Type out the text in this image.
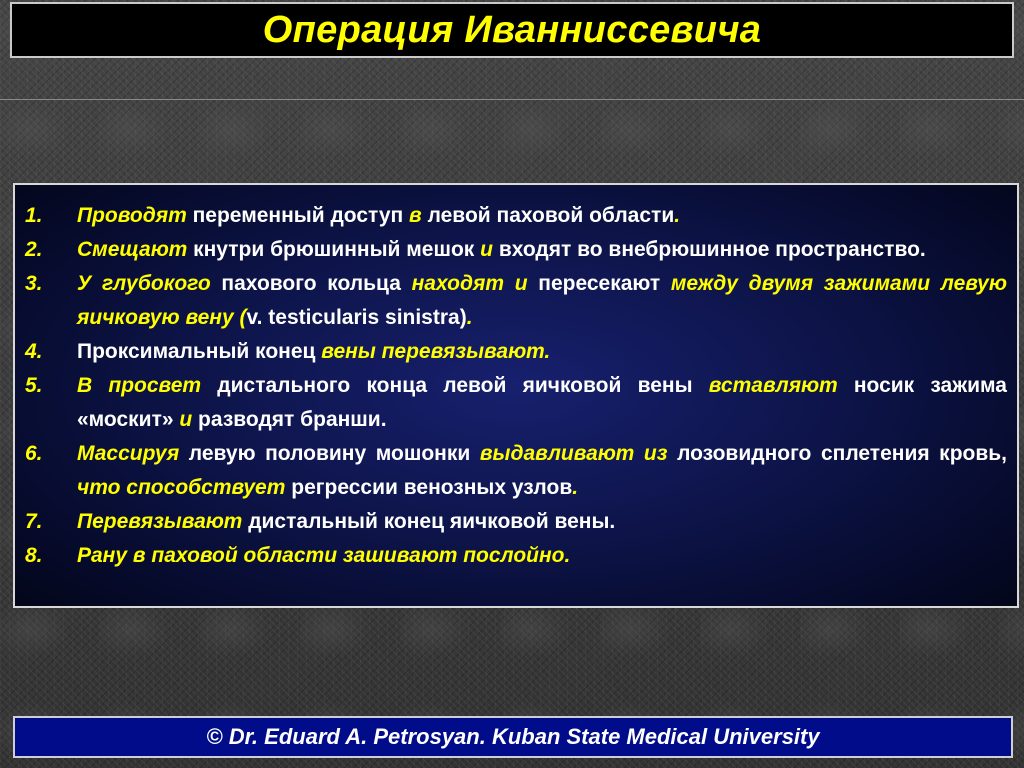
Операция Иванниссевича
1.	Проводят переменный доступ в левой паховой области.
2.	Смещают кнутри брюшинный мешок и входят во внебрюшинное пространство.
3.	У глубокого пахового кольца находят и пересекают между двумя зажимами левую яичковую вену (v. testicularis sinistra).
4.	Проксимальный конец вены перевязывают.
5.	В просвет дистального конца левой яичковой вены вставляют носик зажима «москит» и разводят бранши.
6.	Массируя левую половину мошонки выдавливают из лозовидного сплетения кровь, что способствует регрессии венозных узлов.
7.	Перевязывают дистальный конец яичковой вены.
8.	Рану в паховой области зашивают послойно.
© Dr. Eduard A. Petrosyan. Kuban State Medical University
